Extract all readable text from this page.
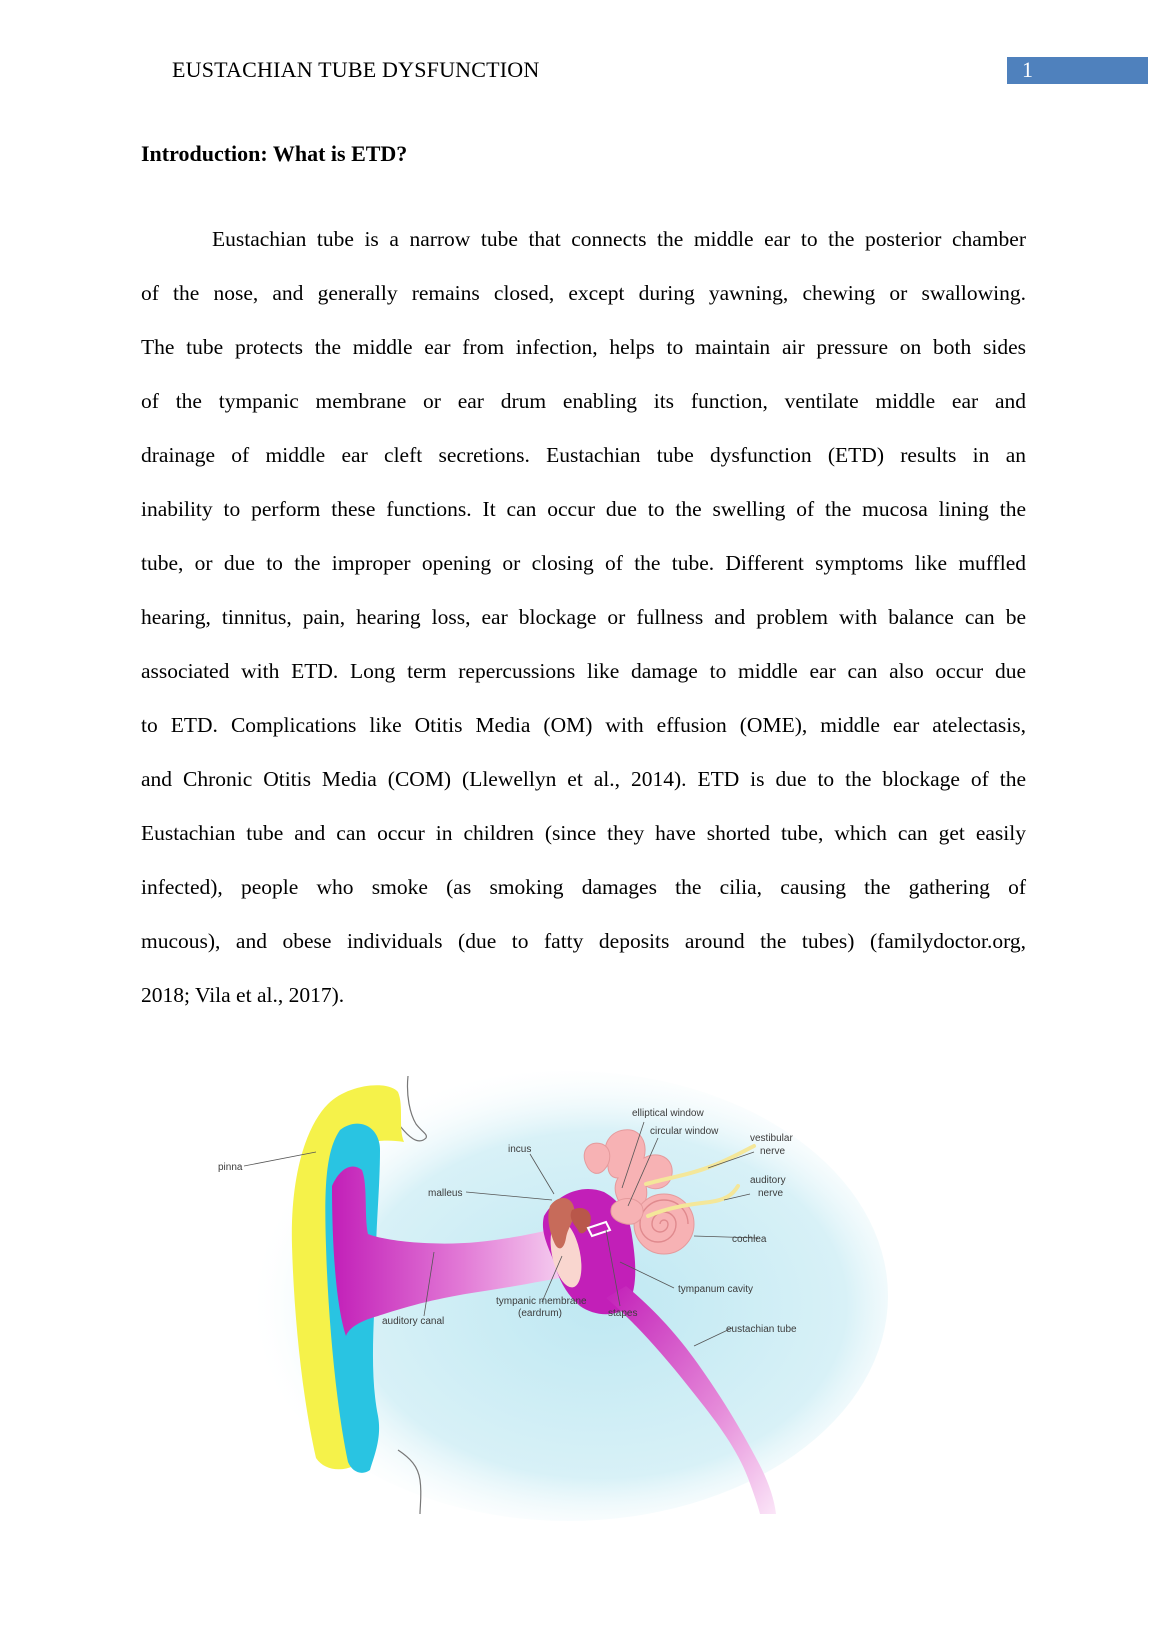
EUSTACHIAN TUBE DYSFUNCTION	1
Introduction: What is ETD?
Eustachian tube is a narrow tube that connects the middle ear to the posterior chamber
of the nose, and generally remains closed, except during yawning, chewing or swallowing.
The tube protects the middle ear from infection, helps to maintain air pressure on both sides
of the tympanic membrane or ear drum enabling its function, ventilate middle ear and
drainage of middle ear cleft secretions. Eustachian tube dysfunction (ETD) results in an
inability to perform these functions. It can occur due to the swelling of the mucosa lining the
tube, or due to the improper opening or closing of the tube. Different symptoms like muffled
hearing, tinnitus, pain, hearing loss, ear blockage or fullness and problem with balance can be
associated with ETD. Long term repercussions like damage to middle ear can also occur due
to ETD. Complications like Otitis Media (OM) with effusion (OME), middle ear atelectasis,
and Chronic Otitis Media (COM) (Llewellyn et al., 2014). ETD is due to the blockage of the
Eustachian tube and can occur in children (since they have shorted tube, which can get easily
infected), people who smoke (as smoking damages the cilia, causing the gathering of
mucous), and obese individuals (due to fatty deposits around the tubes) (familydoctor.org,
2018; Vila et al., 2017).
elliptical window
circular window
vestibular
nerve
incus
pinna
auditory
nerve
malleus
cochlea
tympanum cavity
tympanic membrane
(eardrum)	stapes
auditory canal
eustachian tube
